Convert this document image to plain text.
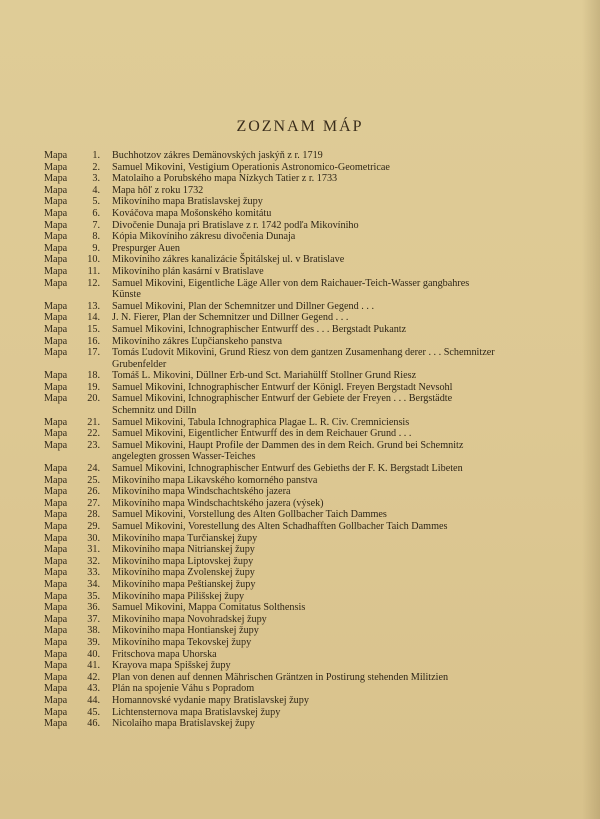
ZOZNAM MÁP
Mapa	1.	Buchhotzov zákres Demänovských jaskýň z r. 1719
Mapa	2.	Samuel Mikovini, Vestigium Operationis Astronomico-Geometricae
Mapa	3.	Matolaiho a Porubského mapa Nízkych Tatier z r. 1733
Mapa	4.	Mapa hôľ z roku 1732
Mapa	5.	Mikovíniho mapa Bratislavskej župy
Mapa	6.	Kováčova mapa Mošonského komitátu
Mapa	7.	Divočenie Dunaja pri Bratislave z r. 1742 podľa Mikovíniho
Mapa	8.	Kópia Mikovíniho zákresu divočenia Dunaja
Mapa	9.	Prespurger Auen
Mapa	10.	Mikovíniho zákres kanalizácie Špitálskej ul. v Bratislave
Mapa	11.	Mikovíniho plán kasární v Bratislave
Mapa	12.	Samuel Mikovini, Eigentliche Läge Aller von dem Raichauer-Teich-Wasser gangbahres
Künste
Mapa	13.	Samuel Mikovini, Plan der Schemnitzer und Dillner Gegend . . .
Mapa	14.	J. N. Fierer, Plan der Schemnitzer und Dillner Gegend . . .
Mapa	15.	Samuel Mikovini, Ichnographischer Entwurff des . . . Bergstadt Pukantz
Mapa	16.	Mikovíniho zákres Ľupčianskeho panstva
Mapa	17.	Tomás Ľudovít Mikovini, Grund Riesz von dem gantzen Zusamenhang derer . . . Schemnitzer
Grubenfelder
Mapa	18.	Tomáš L. Mikovini, Düllner Erb-und Sct. Mariahülff Stollner Grund Riesz
Mapa	19.	Samuel Mikovini, Ichnographischer Entwurf der Königl. Freyen Bergstadt Nevsohl
Mapa	20.	Samuel Mikovini, Ichnographischer Entwurf der Gebiete der Freyen . . . Bergstädte
Schemnitz und Dilln
Mapa	21.	Samuel Mikovini, Tabula Ichnographica Plagae L. R. Civ. Cremniciensis
Mapa	22.	Samuel Mikovini, Eigentlicher Entwurff des in dem Reichauer Grund . . .
Mapa	23.	Samuel Mikovini, Haupt Profile der Dammen des in dem Reich. Grund bei Schemnitz
angelegten grossen Wasser-Teiches
Mapa	24.	Samuel Mikovini, Ichnographischer Entwurf des Gebieths der F. K. Bergstadt Libeten
Mapa	25.	Mikovíniho mapa Likavského komorného panstva
Mapa	26.	Mikovíniho mapa Windschachtského jazera
Mapa	27.	Mikovíniho mapa Windschachtského jazera (výsek)
Mapa	28.	Samuel Mikovini, Vorstellung des Alten Gollbacher Taich Dammes
Mapa	29.	Samuel Mikovini, Vorestellung des Alten Schadhafften Gollbacher Taich Dammes
Mapa	30.	Mikovíniho mapa Turčianskej župy
Mapa	31.	Mikovíniho mapa Nitrianskej župy
Mapa	32.	Mikovíniho mapa Liptovskej župy
Mapa	33.	Mikovíniho mapa Zvolenskej župy
Mapa	34.	Mikovíniho mapa Peštianskej župy
Mapa	35.	Mikovíniho mapa Pilišskej župy
Mapa	36.	Samuel Mikovini, Mappa Comitatus Solthensis
Mapa	37.	Mikovíniho mapa Novohradskej župy
Mapa	38.	Mikovíniho mapa Hontianskej župy
Mapa	39.	Mikovíniho mapa Tekovskej župy
Mapa	40.	Fritschova mapa Uhorska
Mapa	41.	Krayova mapa Spišskej župy
Mapa	42.	Plan von denen auf dennen Mährischen Gräntzen in Postirung stehenden Militzien
Mapa	43.	Plán na spojenie Váhu s Popradom
Mapa	44.	Homannovské vydanie mapy Bratislavskej župy
Mapa	45.	Lichtensternova mapa Bratislavskej župy
Mapa	46.	Nicolaiho mapa Bratislavskej župy
